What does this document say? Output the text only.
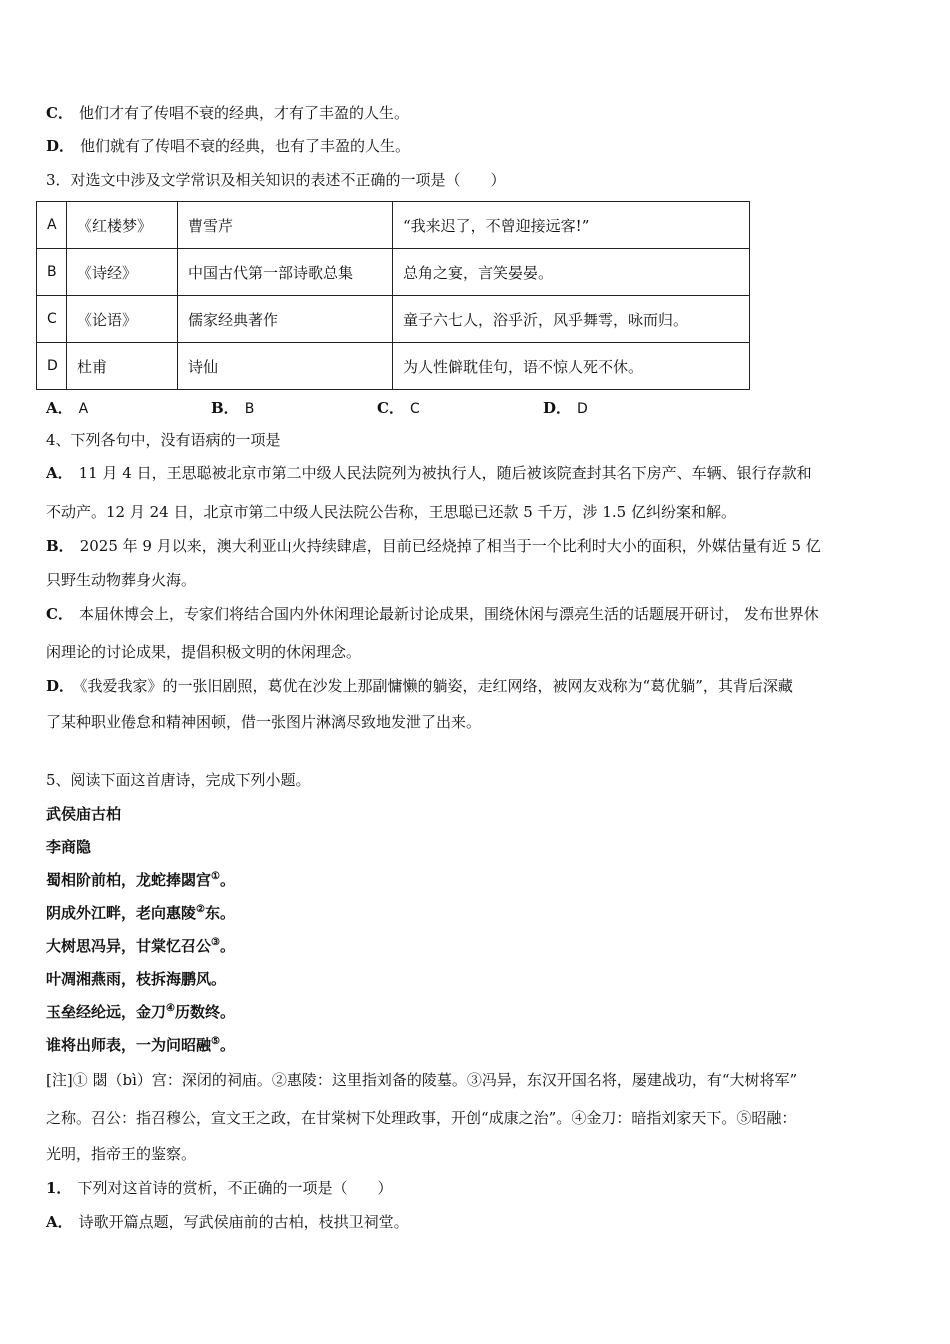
C． 他们才有了传唱不衰的经典，才有了丰盈的人生。
D． 他们就有了传唱不衰的经典，也有了丰盈的人生。
3．对选文中涉及文学常识及相关知识的表述不正确的一项是（　　）
A	《红楼梦》	曹雪芹	“我来迟了，不曾迎接远客!”
B	《诗经》	中国古代第一部诗歌总集	总角之宴，言笑晏晏。
C	《论语》	儒家经典著作	童子六七人，浴乎沂，风乎舞雩，咏而归。
D	杜甫	诗仙	为人性僻耽佳句，语不惊人死不休。
A． A	B． B	C． C	D． D
4、下列各句中，没有语病的一项是
A． 11 月 4 日，王思聪被北京市第二中级人民法院列为被执行人，随后被该院查封其名下房产、车辆、银行存款和
不动产。12 月 24 日，北京市第二中级人民法院公告称，王思聪已还款 5 千万，涉 1.5 亿纠纷案和解。
B． 2025 年 9 月以来，澳大利亚山火持续肆虐，目前已经烧掉了相当于一个比利时大小的面积，外媒估量有近 5 亿
只野生动物葬身火海。
C． 本届休博会上，专家们将结合国内外休闲理论最新讨论成果，围绕休闲与漂亮生活的话题展开研讨， 发布世界休
闲理论的讨论成果，提倡积极文明的休闲理念。
D． 《我爱我家》的一张旧剧照，葛优在沙发上那副慵懒的躺姿，走红网络，被网友戏称为“葛优躺”，其背后深藏
了某种职业倦怠和精神困顿，借一张图片淋漓尽致地发泄了出来。
5、阅读下面这首唐诗，完成下列小题。
武侯庙古柏
李商隐
蜀相阶前柏，龙蛇捧閟宫①。
阴成外江畔，老向惠陵②东。
大树思冯异，甘棠忆召公③。
叶凋湘燕雨，枝拆海鹏风。
玉垒经纶远，金刀④历数终。
谁将出师表，一为问昭融⑤。
[注]① 閟（bì）宫：深闭的祠庙。②惠陵：这里指刘备的陵墓。③冯异，东汉开国名将，屡建战功，有“大树将军”
之称。召公：指召穆公，宣文王之政，在甘棠树下处理政事，开创“成康之治”。④金刀：暗指刘家天下。⑤昭融：
光明，指帝王的鉴察。
1． 下列对这首诗的赏析，不正确的一项是（　　）
A． 诗歌开篇点题，写武侯庙前的古柏，枝拱卫祠堂。
